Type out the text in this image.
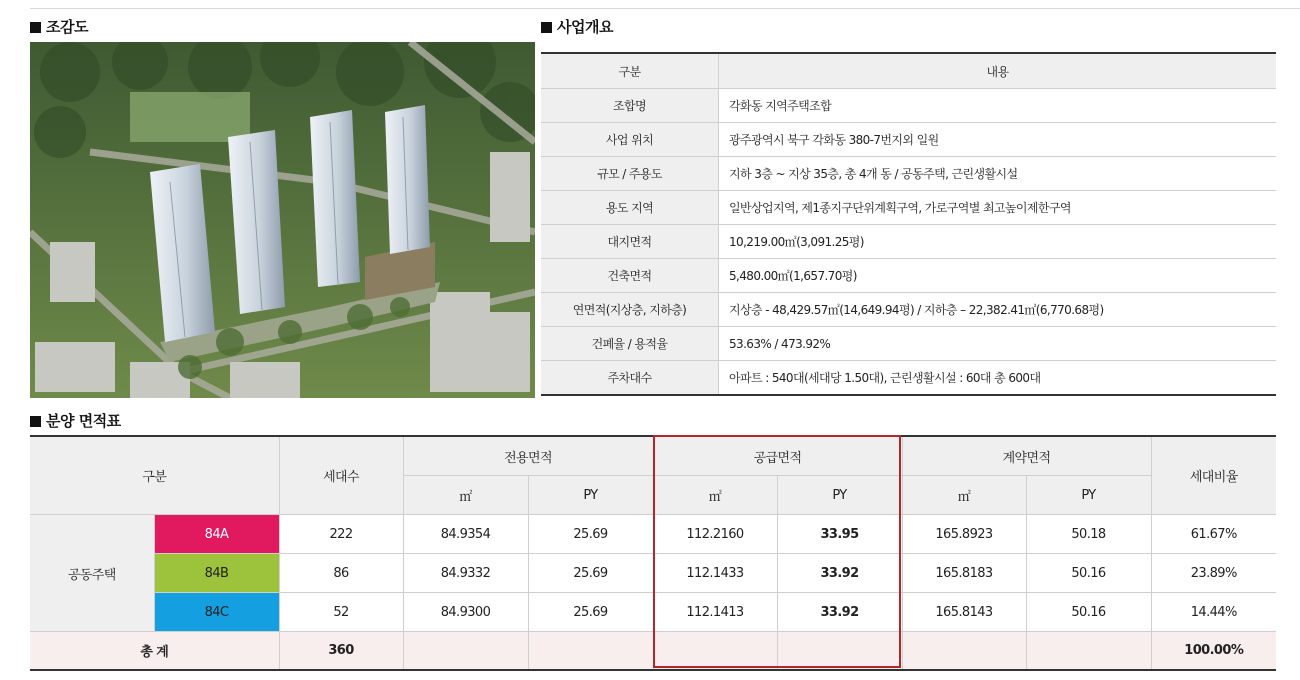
조감도	사업개요
분양 면적표
구분	내용
조합명	각화동 지역주택조합
사업 위치	광주광역시 북구 각화동 380-7번지외 일원
규모 / 주용도	지하 3층 ~ 지상 35층, 총 4개 동 / 공동주택, 근린생활시설
용도 지역	일반상업지역, 제1종지구단위계획구역, 가로구역별 최고높이제한구역
대지면적	10,219.00㎡(3,091.25평)
건축면적	5,480.00㎡(1,657.70평)
연면적(지상층, 지하층)	지상층 - 48,429.57㎡(14,649.94평) / 지하층 – 22,382.41㎡(6,770.68평)
건폐율 / 용적율	53.63% / 473.92%
주차대수	아파트 : 540대(세대당 1.50대), 근린생활시설 : 60대 총 600대
구분		세대수	전용면적		공급면적		계약면적		세대비율
			㎡	PY	㎡	PY	㎡	PY	
공동주택	84A	222	84.9354	25.69	112.2160	33.95	165.8923	50.18	61.67%
	84B	86	84.9332	25.69	112.1433	33.92	165.8183	50.16	23.89%
	84C	52	84.9300	25.69	112.1413	33.92	165.8143	50.16	14.44%
총 계		360							100.00%
